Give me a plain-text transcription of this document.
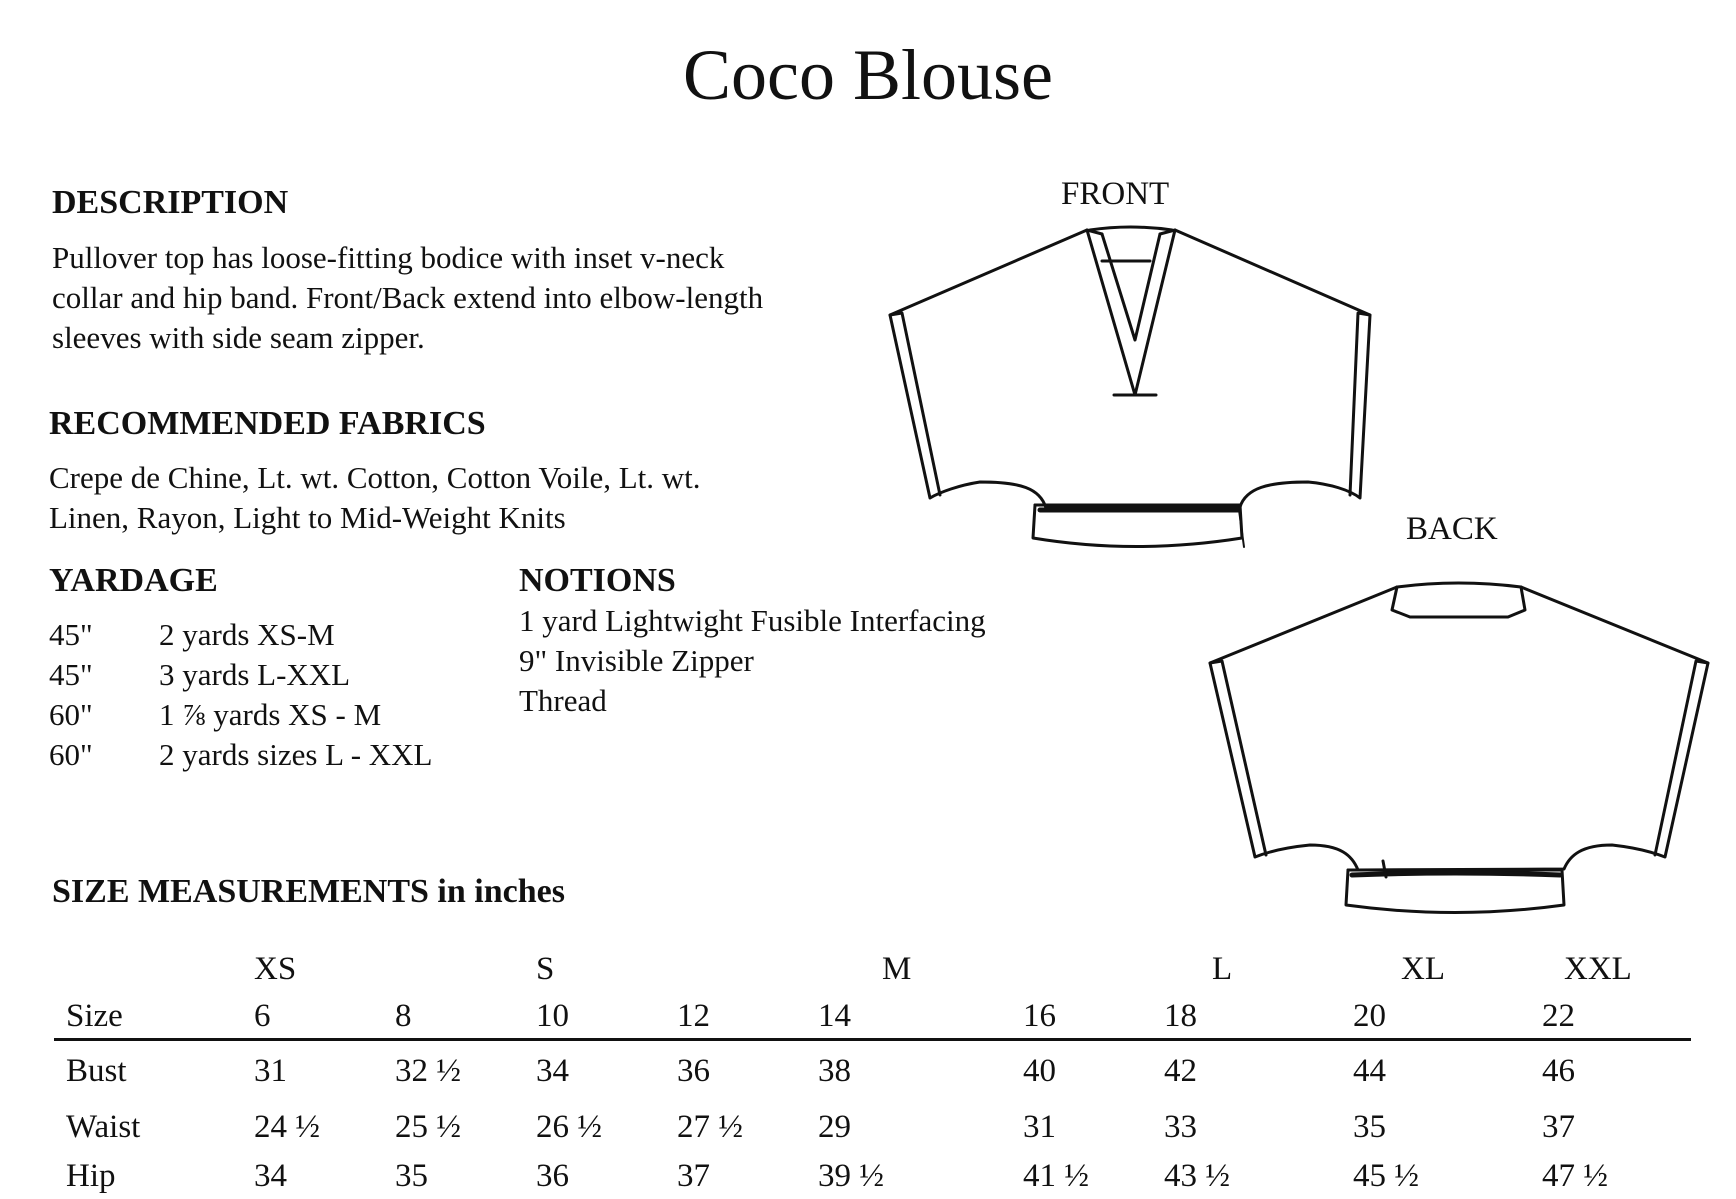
Coco Blouse
DESCRIPTION
Pullover top has loose-fitting bodice with inset v-neck
collar and hip band. Front/Back extend into elbow-length
sleeves with side seam zipper.
RECOMMENDED FABRICS
Crepe de Chine, Lt. wt. Cotton, Cotton Voile, Lt. wt.
Linen, Rayon, Light to Mid-Weight Knits
YARDAGE
45" 2 yards XS-M
45" 3 yards L-XXL
60" 1 ⅞ yards XS - M
60" 2 yards sizes L - XXL
NOTIONS
1 yard Lightwight Fusible Interfacing
9" Invisible Zipper
Thread
FRONT
BACK
SIZE MEASUREMENTS in inches
	XS		S		M		L	XL	XXL
Size	6	8	10	12	14	16	18	20	22
Bust	31	32 ½	34	36	38	40	42	44	46
Waist	24 ½	25 ½	26 ½	27 ½	29	31	33	35	37
Hip	34	35	36	37	39 ½	41 ½	43 ½	45 ½	47 ½
